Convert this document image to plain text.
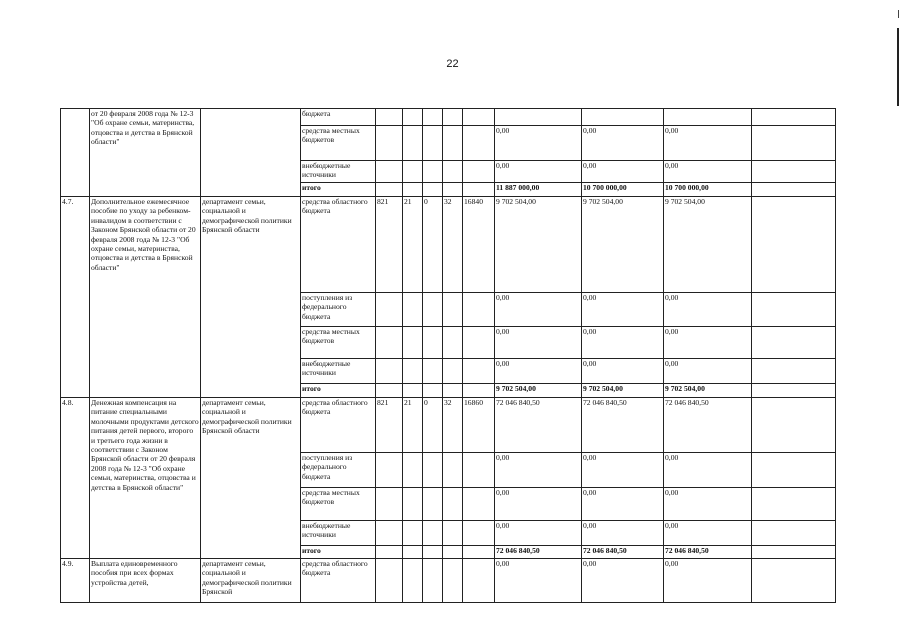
22
	от 20 февраля 2008 года № 12-3 "Об охране семьи, материнства, отцовства и детства в Брянской области"		бюджета									
			средства местных бюджетов						0,00	0,00	0,00	
			внебюджетные источники						0,00	0,00	0,00	
			итого						11 887 000,00	10 700 000,00	10 700 000,00	
4.7.	Дополнительное ежемесячное пособие по уходу за ребенком-инвалидом в соответствии с Законом Брянской области от 20 февраля 2008 года № 12-3 "Об охране семьи, материнства, отцовства и детства в Брянской области"	департамент семьи, социальной и демографической политики Брянской области	средства областного бюджета	821	21	0	32	16840	9 702 504,00	9 702 504,00	9 702 504,00	
			поступления из федерального бюджета						0,00	0,00	0,00	
			средства местных бюджетов						0,00	0,00	0,00	
			внебюджетные источники						0,00	0,00	0,00	
			итого						9 702 504,00	9 702 504,00	9 702 504,00	
4.8.	Денежная компенсация на питание специальными молочными продуктами детского питания детей первого, второго и третьего года жизни в соответствии с Законом Брянской области от 20 февраля 2008 года № 12-3 "Об охране семьи, материнства, отцовства и детства в Брянской области"	департамент семьи, социальной и демографической политики Брянской области	средства областного бюджета	821	21	0	32	16860	72 046 840,50	72 046 840,50	72 046 840,50	
			поступления из федерального бюджета						0,00	0,00	0,00	
			средства местных бюджетов						0,00	0,00	0,00	
			внебюджетные источники						0,00	0,00	0,00	
			итого						72 046 840,50	72 046 840,50	72 046 840,50	
4.9.	Выплата единовременного пособия при всех формах устройства детей,	департамент семьи, социальной и демографической политики Брянской	средства областного бюджета						0,00	0,00	0,00	
